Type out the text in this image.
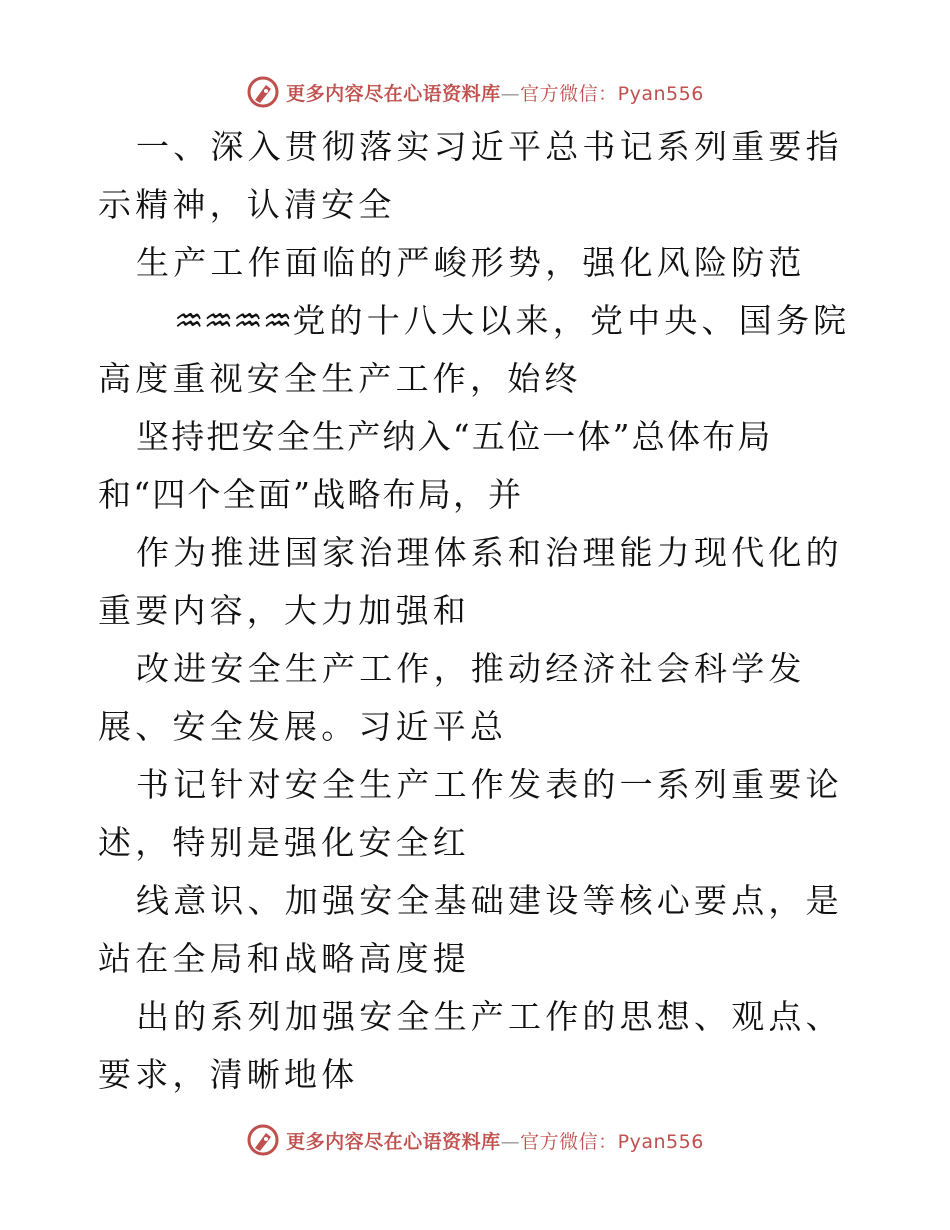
更多内容尽在心语资料库—官方微信：Pyan556

一、深入贯彻落实习近平总书记系列重要指示精神，认清安全

生产工作面临的严峻形势，强化风险防范

♒♒♒♒党的十八大以来，党中央、国务院高度重视安全生产工作，始终

坚持把安全生产纳入“五位一体”总体布局和“四个全面”战略布局，并

作为推进国家治理体系和治理能力现代化的重要内容，大力加强和

改进安全生产工作，推动经济社会科学发展、安全发展。习近平总

书记针对安全生产工作发表的一系列重要论述，特别是强化安全红

线意识、加强安全基础建设等核心要点，是站在全局和战略高度提

出的系列加强安全生产工作的思想、观点、要求，清晰地体

更多内容尽在心语资料库—官方微信：Pyan556
